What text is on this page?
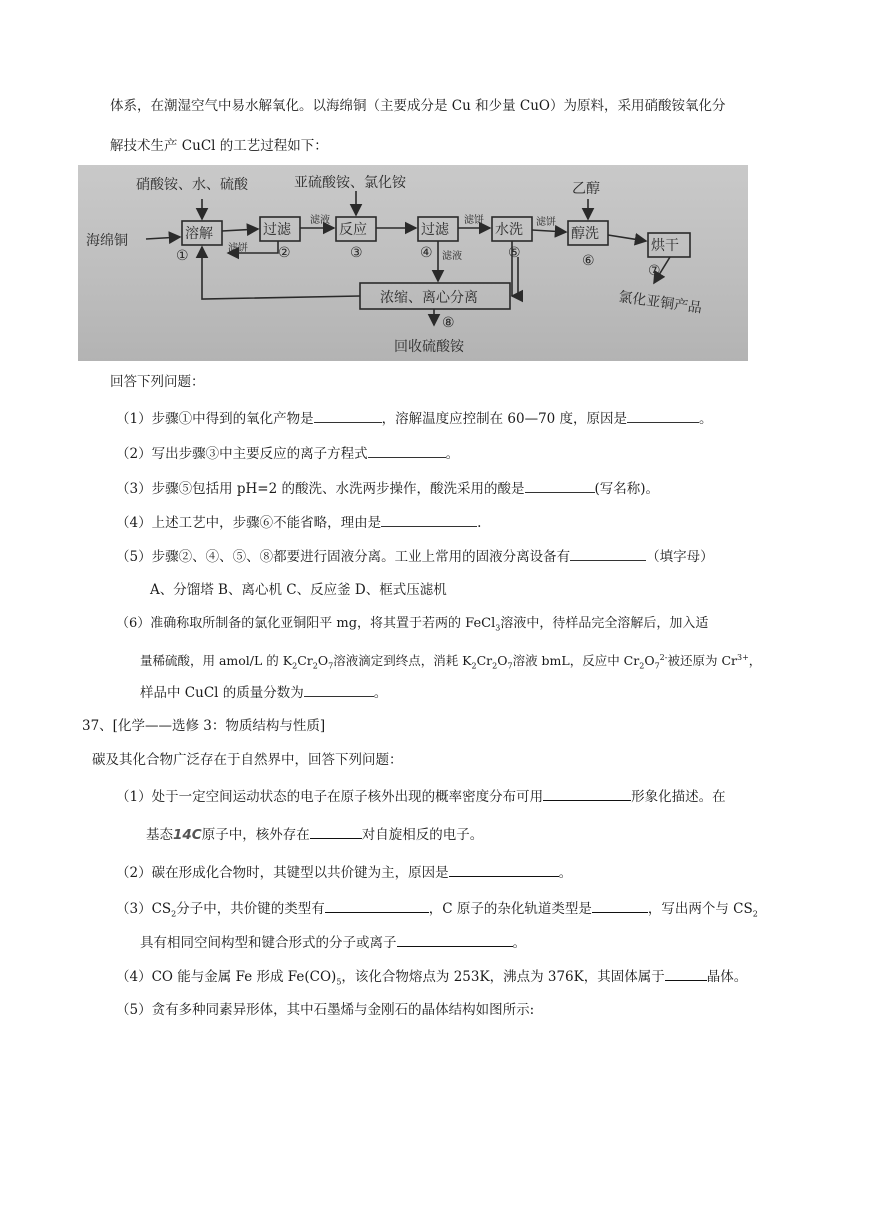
体系，在潮湿空气中易水解氧化。以海绵铜（主要成分是 Cu 和少量 CuO）为原料，采用硝酸铵氧化分
解技术生产 CuCl 的工艺过程如下：
硝酸铵、水、硫酸	亚硫酸铵、氯化铵	乙醇
海绵铜	溶解	过滤	反应	过滤	水洗	醇洗
烘干
①	②	③	④	⑤	⑥
⑦
滤液
滤液
滤饼
滤饼	滤饼
浓缩、离心分离
⑧
回收硫酸铵
氯化亚铜产品
回答下列问题：
（1）步骤①中得到的氧化产物是	，溶解温度应控制在 60—70 度，原因是	。
（2）写出步骤③中主要反应的离子方程式	。
（3）步骤⑤包括用 pH=2 的酸洗、水洗两步操作，酸洗采用的酸是	(写名称)。
（4）上述工艺中，步骤⑥不能省略，理由是	.
（5）步骤②、④、⑤、⑧都要进行固液分离。工业上常用的固液分离设备有	（填字母）
A、分馏塔 B、离心机 C、反应釜 D、框式压滤机
（6）准确称取所制备的氯化亚铜阳平 mg，将其置于若两的 FeCl$_3$溶液中，待样品完全溶解后，加入适
量稀硫酸，用 amol/L 的 $K_2Cr_2O_7$溶液滴定到终点，消耗 $K_2Cr_2O_7$溶液 bmL，反应中 $Cr_2O_7^{2-}$被还原为 $Cr^{3+}$，
样品中 CuCl 的质量分数为	。
37、[化学——选修 3：物质结构与性质]
碳及其化合物广泛存在于自然界中，回答下列问题：
（1）处于一定空间运动状态的电子在原子核外出现的概率密度分布可用	形象化描述。在
基态14C原子中，核外存在	对自旋相反的电子。
（2）碳在形成化合物时，其键型以共价键为主，原因是	。
$(3)CS_2$分子中，共价键的类型有	，C 原子的杂化轨道类型是	，写出两个与 $CS_2$
具有相同空间构型和键合形式的分子或离子	。
（4）CO 能与金属 Fe 形成 $Fe(CO)_5$，该化合物熔点为 253K，沸点为 376K，其固体属于	晶体。
（5）贪有多种同素异形体，其中石墨烯与金刚石的晶体结构如图所示:
